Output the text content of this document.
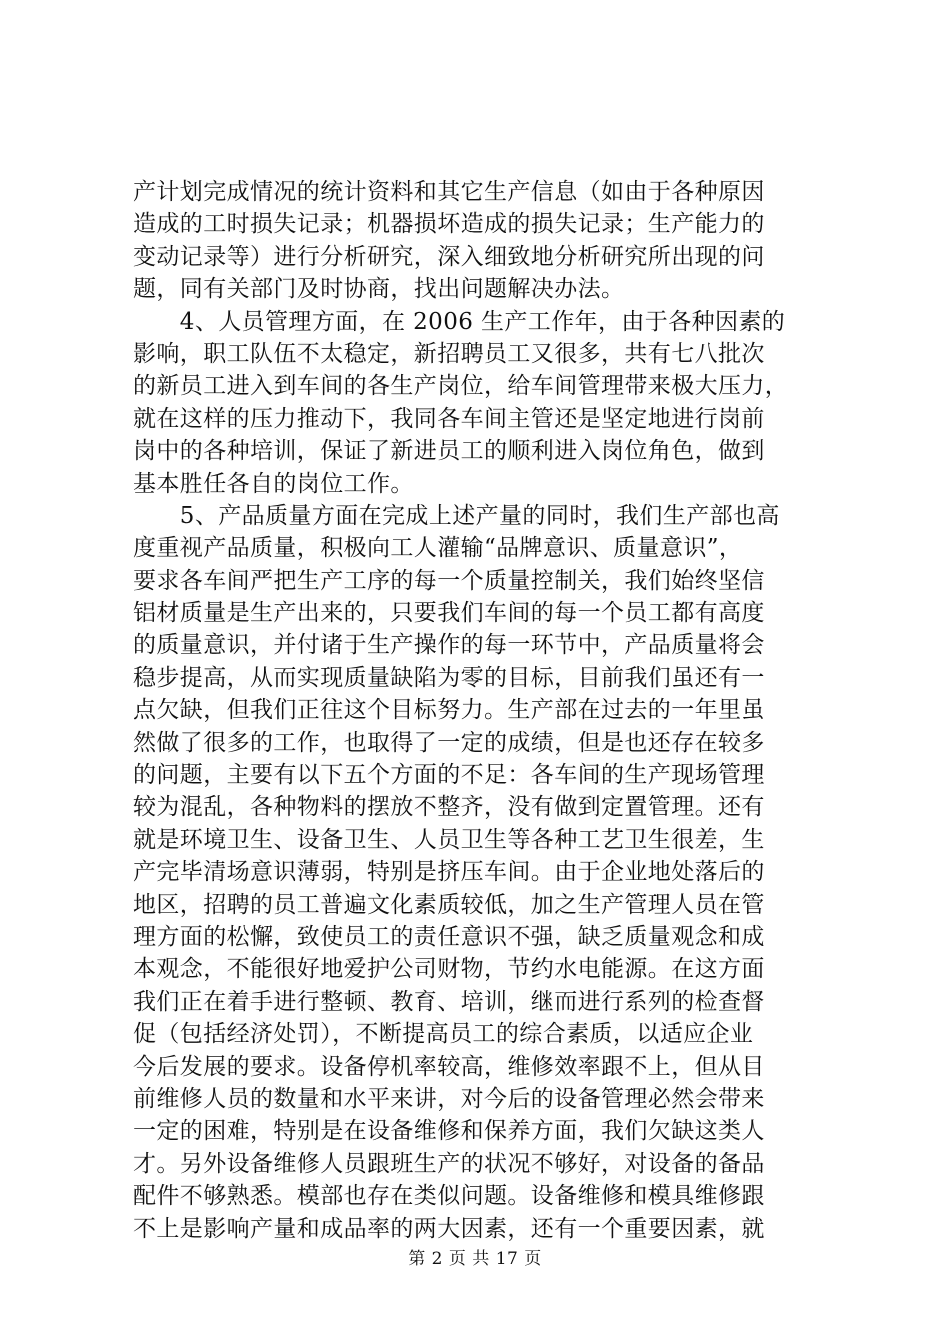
产计划完成情况的统计资料和其它生产信息（如由于各种原因
造成的工时损失记录；机器损坏造成的损失记录；生产能力的
变动记录等）进行分析研究，深入细致地分析研究所出现的问
题，同有关部门及时协商，找出问题解决办法。
　　4、人员管理方面，在 2006 生产工作年，由于各种因素的
影响，职工队伍不太稳定，新招聘员工又很多，共有七八批次
的新员工进入到车间的各生产岗位，给车间管理带来极大压力，
就在这样的压力推动下，我同各车间主管还是坚定地进行岗前
岗中的各种培训，保证了新进员工的顺利进入岗位角色，做到
基本胜任各自的岗位工作。
　　5、产品质量方面在完成上述产量的同时，我们生产部也高
度重视产品质量，积极向工人灌输“品牌意识、质量意识”，
要求各车间严把生产工序的每一个质量控制关，我们始终坚信
铝材质量是生产出来的，只要我们车间的每一个员工都有高度
的质量意识，并付诸于生产操作的每一环节中，产品质量将会
稳步提高，从而实现质量缺陷为零的目标，目前我们虽还有一
点欠缺，但我们正往这个目标努力。生产部在过去的一年里虽
然做了很多的工作，也取得了一定的成绩，但是也还存在较多
的问题，主要有以下五个方面的不足：各车间的生产现场管理
较为混乱，各种物料的摆放不整齐，没有做到定置管理。还有
就是环境卫生、设备卫生、人员卫生等各种工艺卫生很差，生
产完毕清场意识薄弱，特别是挤压车间。由于企业地处落后的
地区，招聘的员工普遍文化素质较低，加之生产管理人员在管
理方面的松懈，致使员工的责任意识不强，缺乏质量观念和成
本观念，不能很好地爱护公司财物，节约水电能源。在这方面
我们正在着手进行整顿、教育、培训，继而进行系列的检查督
促（包括经济处罚），不断提高员工的综合素质，以适应企业
今后发展的要求。设备停机率较高，维修效率跟不上，但从目
前维修人员的数量和水平来讲，对今后的设备管理必然会带来
一定的困难，特别是在设备维修和保养方面，我们欠缺这类人
才。另外设备维修人员跟班生产的状况不够好，对设备的备品
配件不够熟悉。模部也存在类似问题。设备维修和模具维修跟
不上是影响产量和成品率的两大因素，还有一个重要因素，就
第 2 页 共 17 页
